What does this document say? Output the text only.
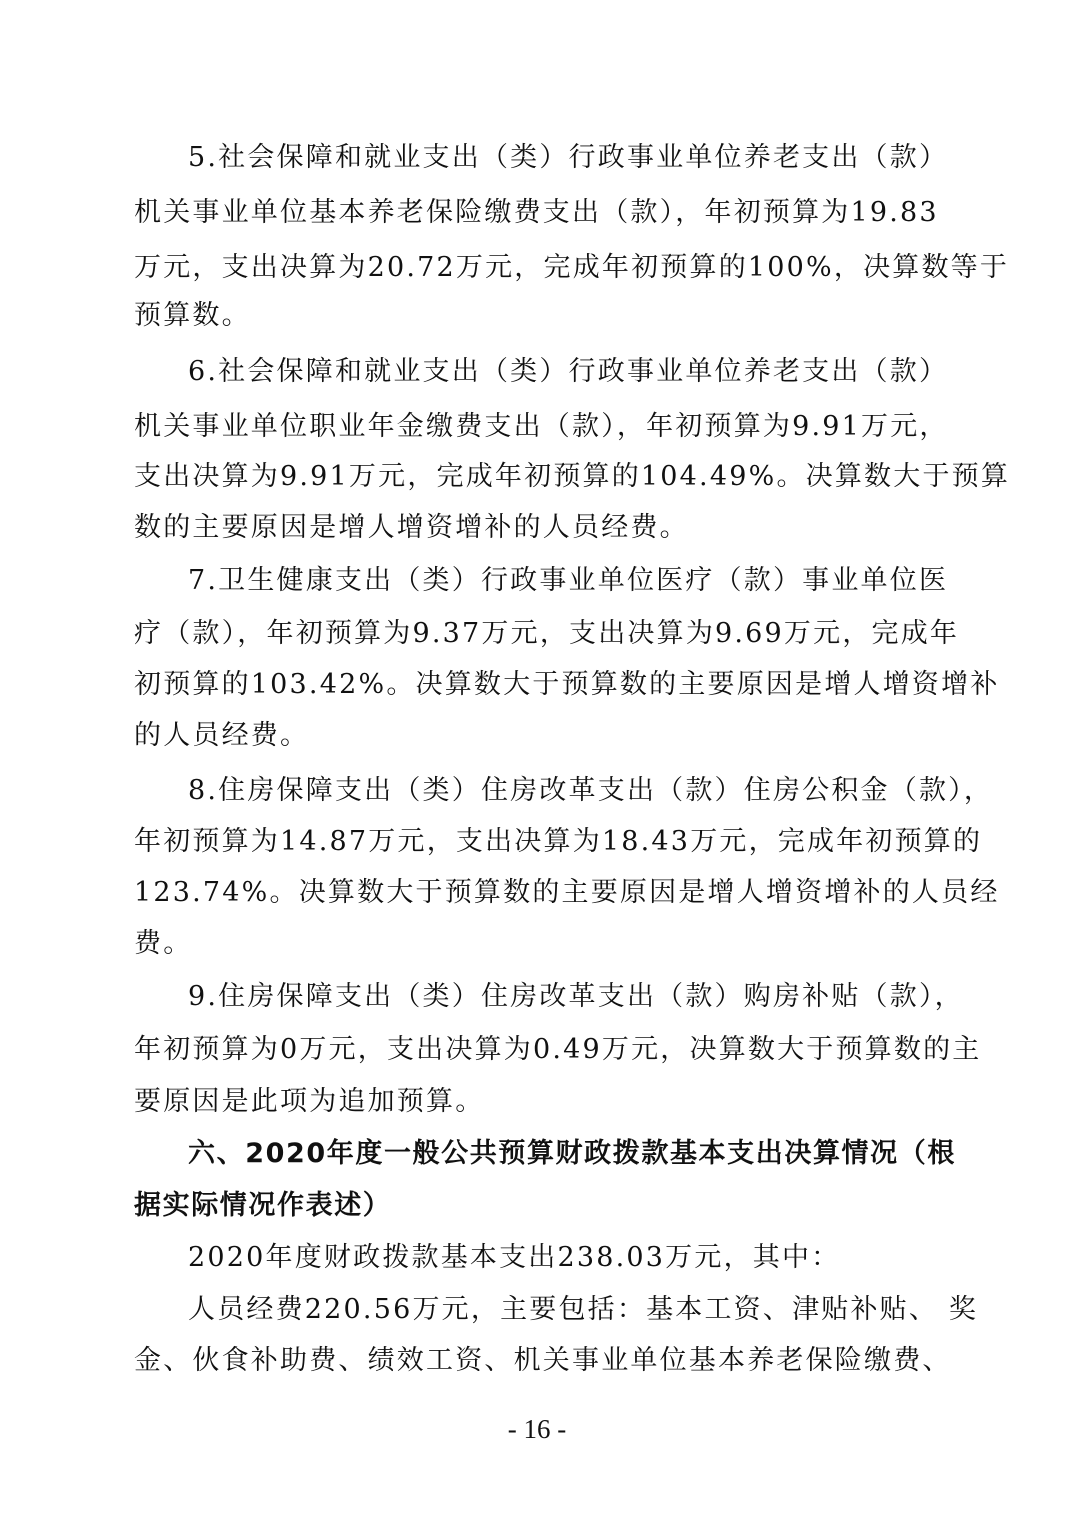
5.社会保障和就业支出（类）行政事业单位养老支出（款）
机关事业单位基本养老保险缴费支出（款），年初预算为19.83
万元，支出决算为20.72万元，完成年初预算的100%，决算数等于
预算数。
6.社会保障和就业支出（类）行政事业单位养老支出（款）
机关事业单位职业年金缴费支出（款），年初预算为9.91万元，
支出决算为9.91万元，完成年初预算的104.49%。决算数大于预算
数的主要原因是增人增资增补的人员经费。
7.卫生健康支出（类）行政事业单位医疗（款）事业单位医
疗（款），年初预算为9.37万元，支出决算为9.69万元，完成年
初预算的103.42%。决算数大于预算数的主要原因是增人增资增补
的人员经费。
8.住房保障支出（类）住房改革支出（款）住房公积金（款），
年初预算为14.87万元，支出决算为18.43万元，完成年初预算的
123.74%。决算数大于预算数的主要原因是增人增资增补的人员经
费。
9.住房保障支出（类）住房改革支出（款）购房补贴（款），
年初预算为0万元，支出决算为0.49万元，决算数大于预算数的主
要原因是此项为追加预算。
六、2020年度一般公共预算财政拨款基本支出决算情况（根
据实际情况作表述）
2020年度财政拨款基本支出238.03万元，其中：
人员经费220.56万元，主要包括：基本工资、津贴补贴、 奖
金、伙食补助费、绩效工资、机关事业单位基本养老保险缴费、
- 16 -
